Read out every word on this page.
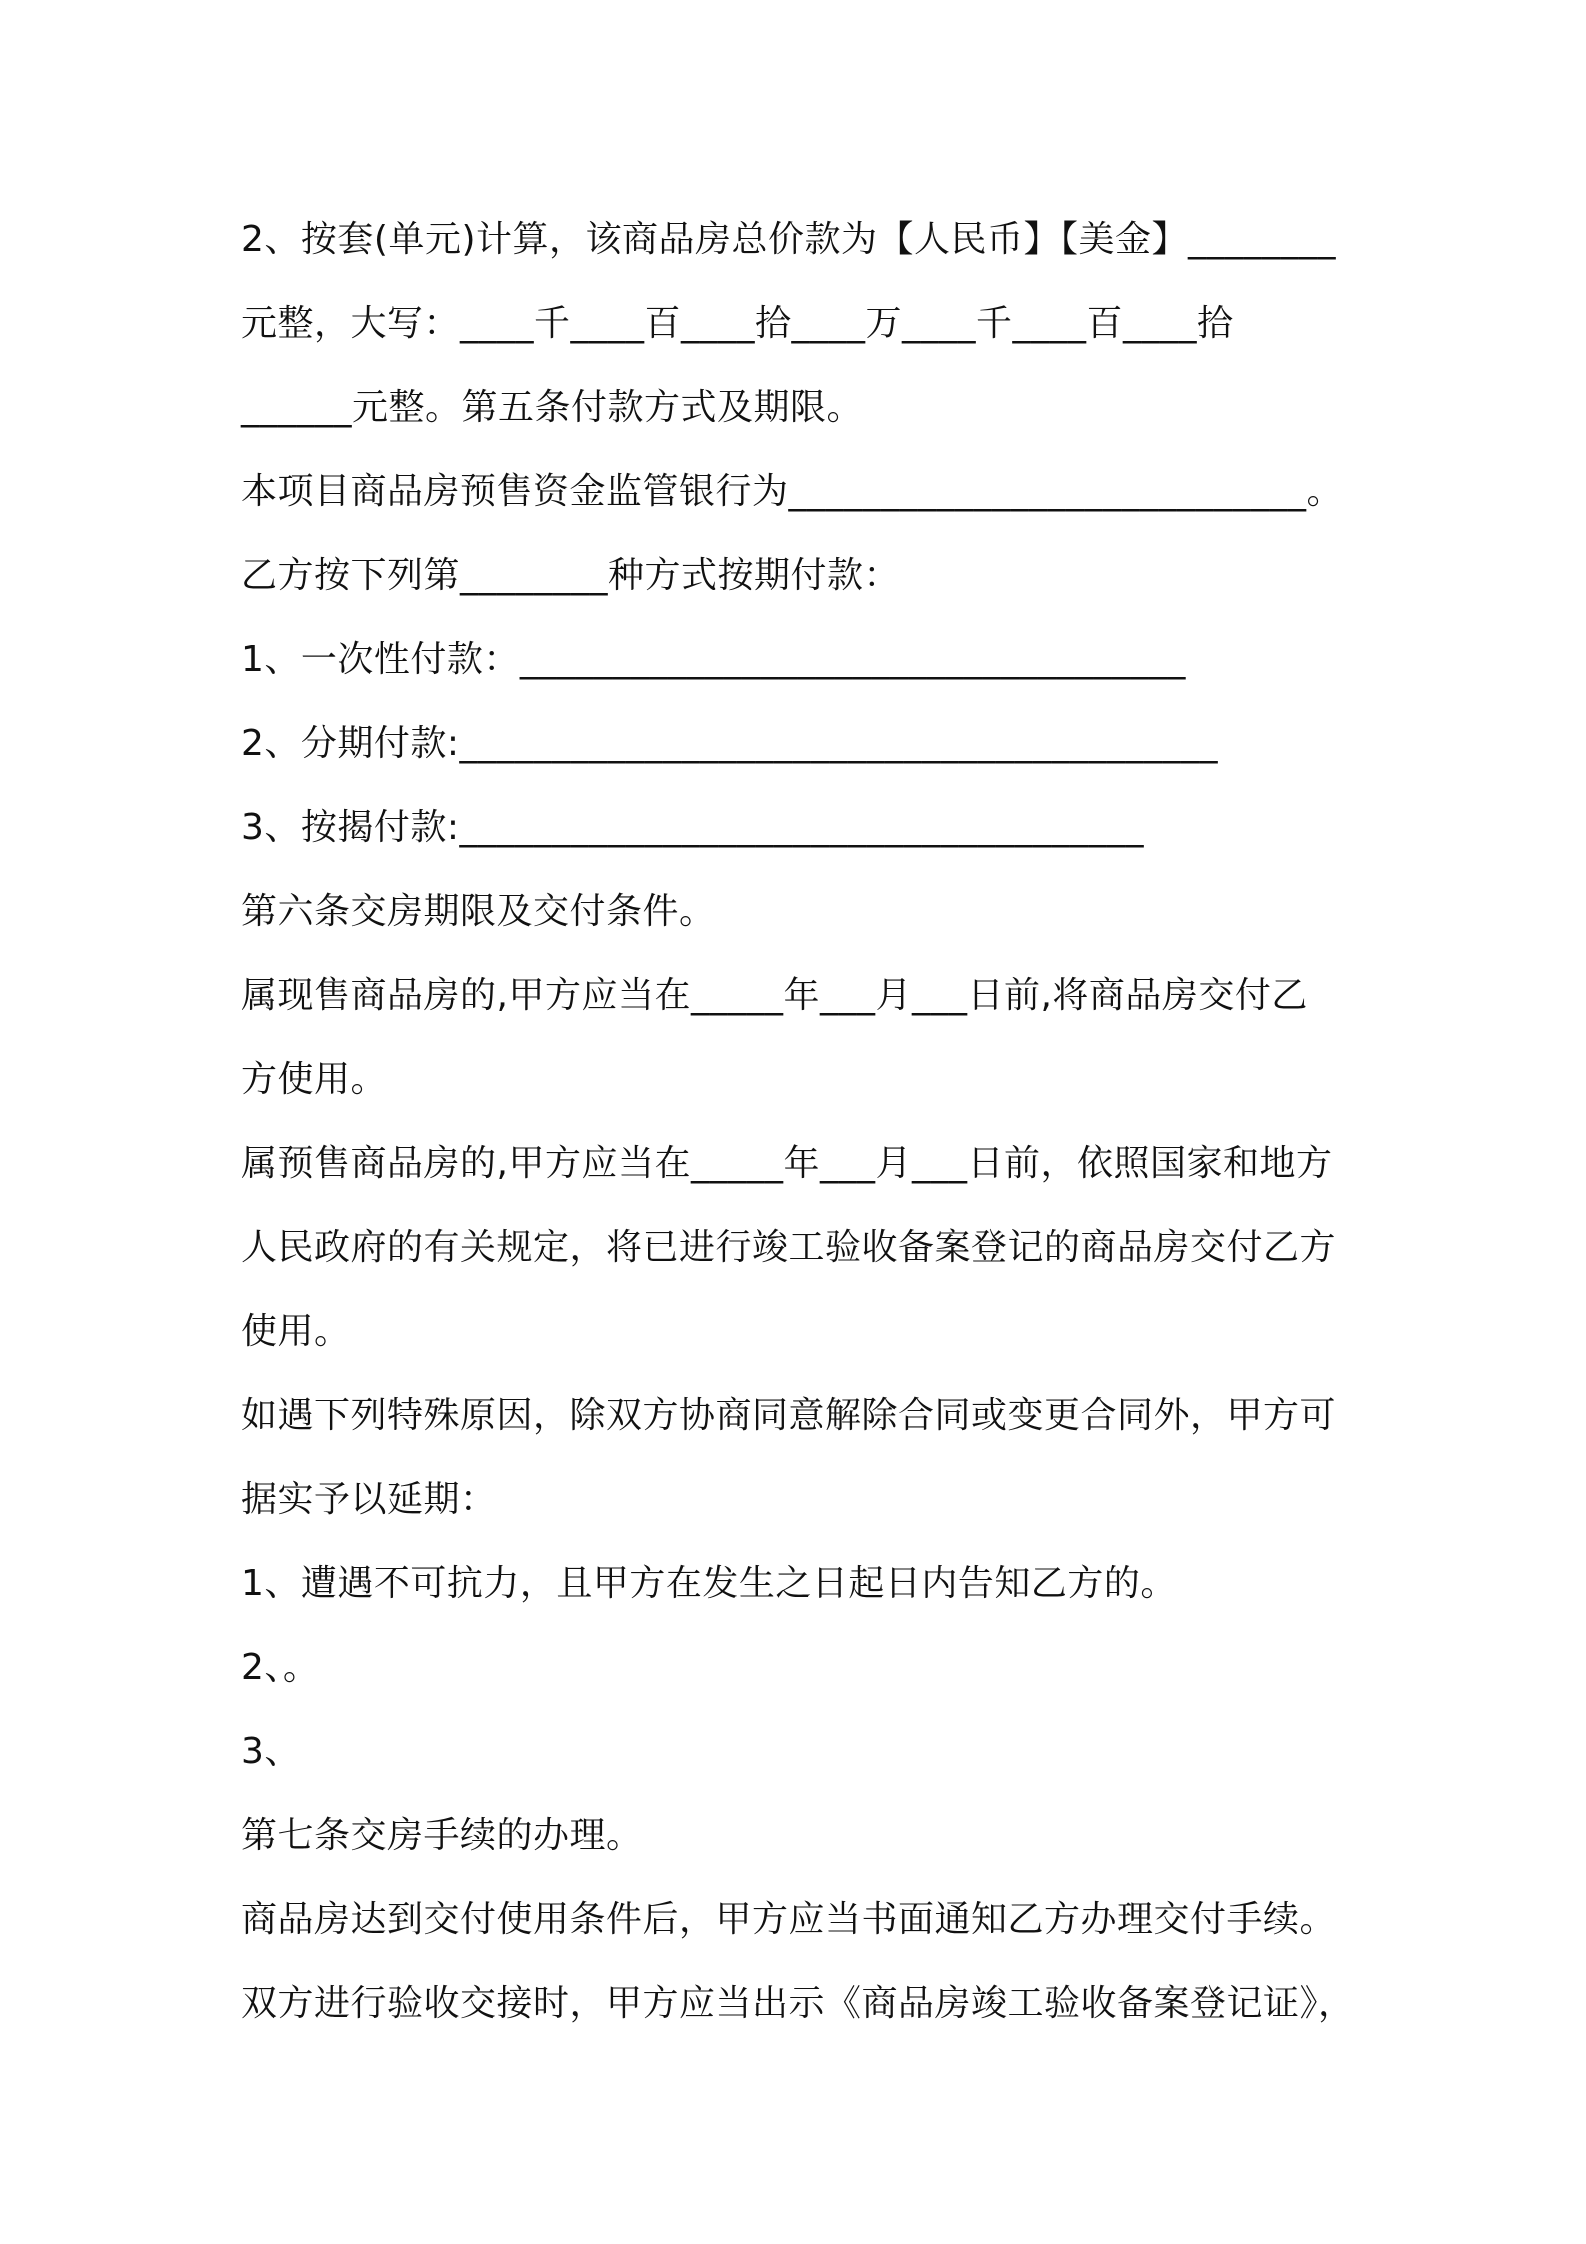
2、按套(单元)计算，该商品房总价款为【人民币】【美金】________
元整，大写：____千____百____拾____万____千____百____拾
______元整。第五条付款方式及期限。
本项目商品房预售资金监管银行为____________________________。
乙方按下列第________种方式按期付款：
1、一次性付款：____________________________________
2、分期付款:_________________________________________
3、按揭付款:_____________________________________
第六条交房期限及交付条件。
属现售商品房的,甲方应当在_____年___月___日前,将商品房交付乙
方使用。
属预售商品房的,甲方应当在_____年___月___日前，依照国家和地方
人民政府的有关规定，将已进行竣工验收备案登记的商品房交付乙方
使用。
如遇下列特殊原因，除双方协商同意解除合同或变更合同外，甲方可
据实予以延期：
1、遭遇不可抗力，且甲方在发生之日起日内告知乙方的。
2、。
3、
第七条交房手续的办理。
商品房达到交付使用条件后，甲方应当书面通知乙方办理交付手续。
双方进行验收交接时，甲方应当出示《商品房竣工验收备案登记证》，
